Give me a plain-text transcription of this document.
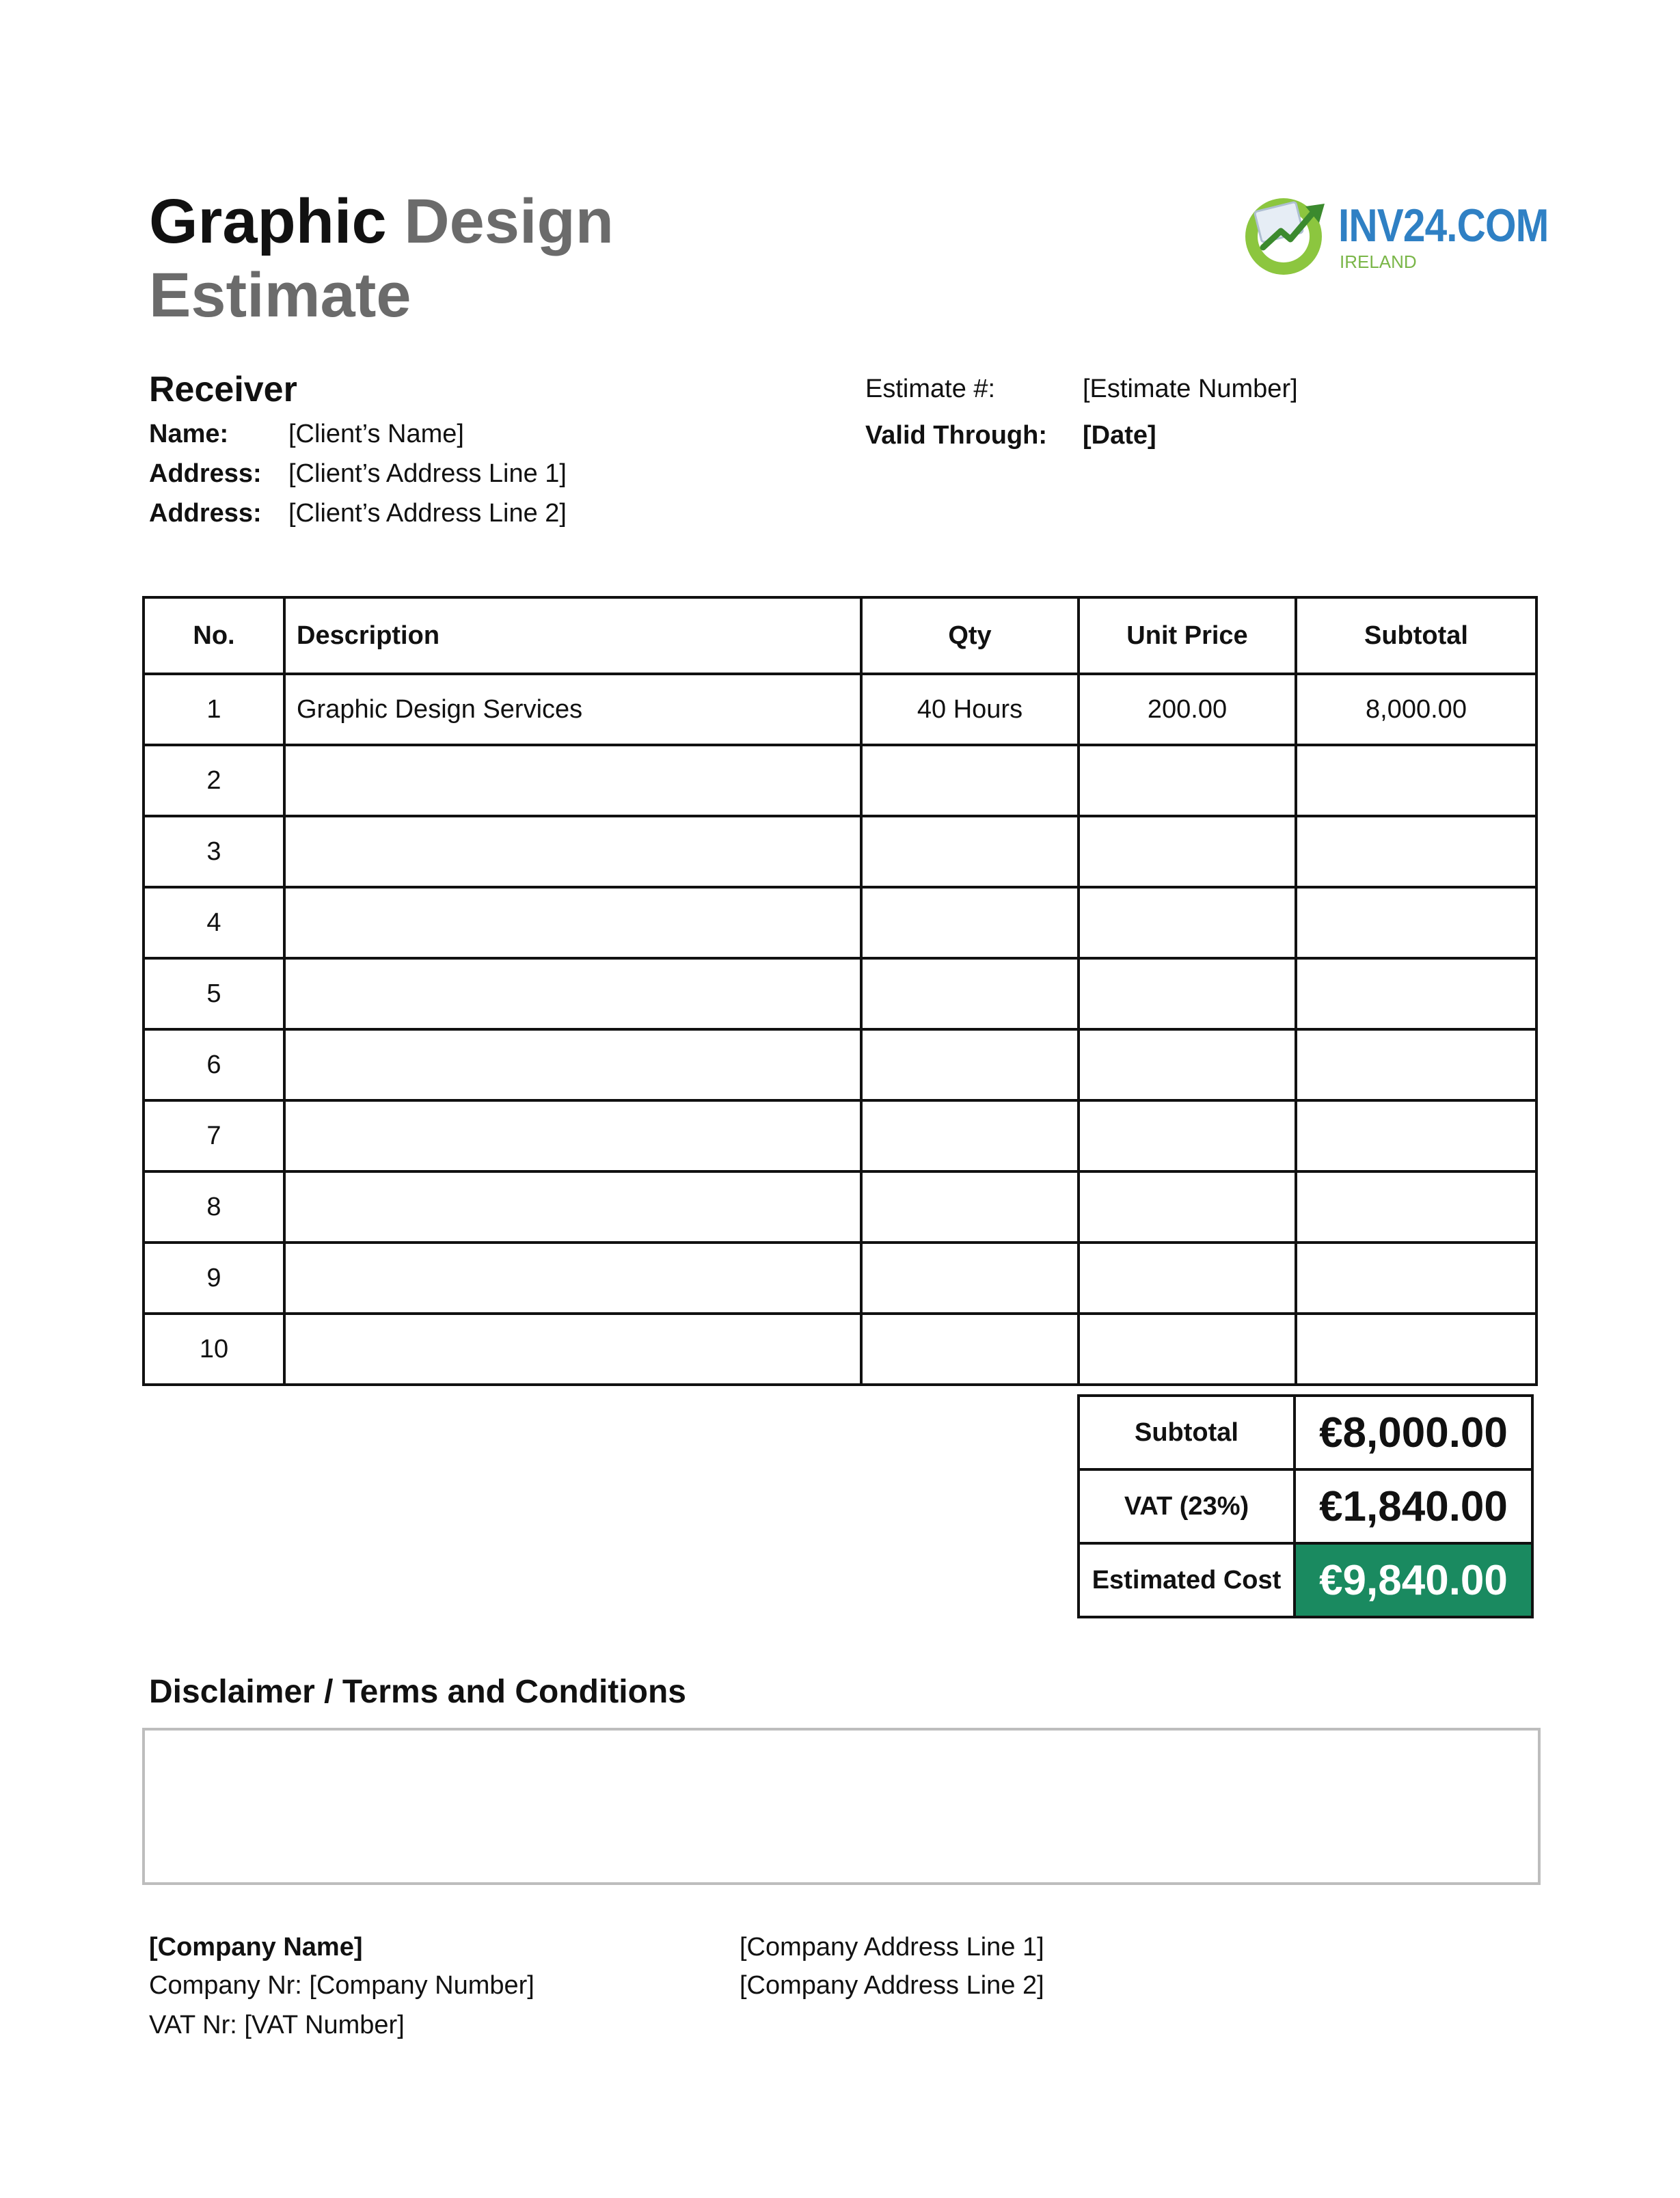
Graphic Design
Estimate
INV24.COM
IRELAND
Receiver
Name: [Client’s Name]
Address: [Client’s Address Line 1]
Address: [Client’s Address Line 2]
Estimate #:	[Estimate Number]
Valid Through: [Date]
No.	Description	Qty	Unit Price	Subtotal
1	Graphic Design Services	40 Hours	200.00	8,000.00
2				
3				
4				
5				
6				
7				
8				
9				
10				
Subtotal	€8,000.00
VAT (23%)	€1,840.00
Estimated Cost	€9,840.00
Disclaimer / Terms and Conditions
[Company Name]
Company Nr: [Company Number]
VAT Nr: [VAT Number]
[Company Address Line 1]
[Company Address Line 2]
